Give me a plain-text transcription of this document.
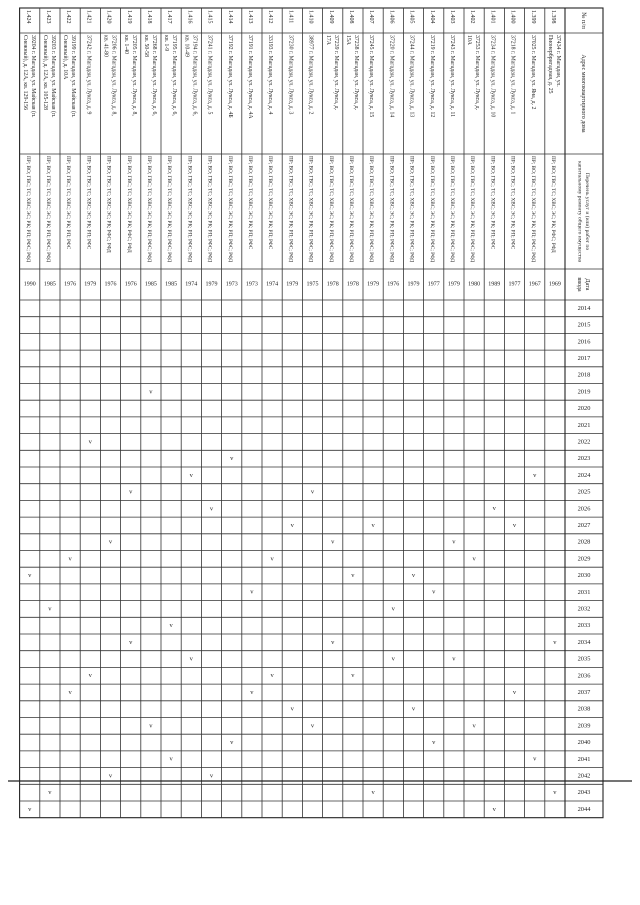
№ п/п
Адрес многоквартирного дома
Перечень услуг и (или) работ по
капитальному ремонту общего имущества
Дата
ввода
2014
2015
2016
2017
2018
2019
2020
2021
2022
2023
2024
2025
2026
2027
2028
2029
2030
2031
2032
2033
2034
2035
2036
2037
2038
2039
2040
2041
2042
2043
2044
1.398
37434 г. Магадан, ул.
Пионербригадная, д. 25
ПР; ВО; ГВС; ТС; ХВС; ЭС; РК; РФС; РФД
1969
v
v
1.399
37025 г. Магадан, ул. Яна, д. 2
ПР; ВО; ГВС; ТС; ХВС; ЭС; РК; РП; РФС; РФД
1967
v
v
1.400
37218 г. Магадан, ул. Лукса, д. 1
ПР; ВО; ГВС; ТС; ХВС; ЭС; РК; РП; РФС
1977
v
v
1.401
37234 г. Магадан, ул. Лукса, д. 10
ПР; ВО; ГВС; ТС; ХВС; ЭС; РК; РП; РФС
1989
v
v
1.402
37253 г. Магадан, ул. Лукса, д.
10А
ПР; ВО; ГВС; ТС; ХВС; ЭС; РК; РП; РФС; РФД
1980
v
v
1.403
37243 г. Магадан, ул. Лукса, д. 11
ПР; ВО; ГВС; ТС; ХВС; ЭС; РК; РП; РФС; РФД
1979
v
v
1.404
37219 г. Магадан, ул. Лукса, д. 12
ПР; ВО; ГВС; ТС; ХВС; ЭС; РК; РП; РФС; РФД
1977
v
v
1.405
37244 г. Магадан, ул. Лукса, д. 13
ПР; ВО; ГВС; ТС; ХВС; ЭС; РК; РП; РФС; РФД
1979
v
v
1.406
37220 г. Магадан, ул. Лукса, д. 14
ПР; ВО; ГВС; ТС; ХВС; ЭС; РК; РП; РФС; РФД
1976
v
v
1.407
37245 г. Магадан, ул. Лукса, д. 15
ПР; ВО; ГВС; ТС; ХВС; ЭС; РК; РП; РФС; РФД
1979
v
v
1.408
37238 г. Магадан, ул. Лукса, д.
15А
ПР; ВО; ГВС; ТС; ХВС; ЭС; РК; РП; РФС; РФД
1978
v
v
1.409
37239 г. Магадан, ул. Лукса, д.
17А
ПР; ВО; ГВС; ТС; ХВС; ЭС; РК; РП; РФС; РФД
1978
v
v
1.410
38977 г. Магадан, ул. Лукса, д. 2
ПР; ВО; ГВС; ТС; ХВС; ЭС; РК; РП; РФС; РФД
1975
v
v
1.411
37230 г. Магадан, ул. Лукса, д. 3
ПР; ВО; ГВС; ТС; ХВС; ЭС; РК; РП; РФС; РФД
1979
v
v
1.412
33193 г. Магадан, ул. Лукса, д. 4
ПР; ВО; ГВС; ТС; ХВС; ЭС; РК; РП; РФС
1974
v
v
1.413
37191 г. Магадан, ул. Лукса, д. 4А
ПР; ВО; ГВС; ТС; ХВС; ЭС; РК; РП; РФС
1973
v
v
1.414
37192 г. Магадан, ул. Лукса, д. 4Б
ПР; ВО; ГВС; ТС; ХВС; ЭС; РК; РП; РФС; РФД
1973
v
v
1.415
37241 г. Магадан, ул. Лукса, д. 5
ПР; ВО; ГВС; ТС; ХВС; ЭС; РК; РП; РФС; РФД
1979
v
v
1.416
37194 г. Магадан, ул. Лукса, д. 6,
кв. 10-49
ПР; ВО; ГВС; ТС; ХВС; ЭС; РК; РП; РФС; РФД
1974
v
v
1.417
37195 г. Магадан, ул. Лукса, д. 6,
кв. 1-9
ПР; ВО; ГВС; ТС; ХВС; ЭС; РК; РП; РФС; РФД
1985
v
v
1.418
37268 г. Магадан, ул. Лукса, д. 6,
кв. 50-58
ПР; ВО; ГВС; ТС; ХВС; ЭС; РК; РП; РФС; РФД
1985
v
v
1.419
37205 г. Магадан, ул. Лукса, д. 8,
кв. 1-40
ПР; ВО; ГВС; ТС; ХВС; ЭС; РК; РФС; РФД
1976
v
v
1.420
37206 г. Магадан, ул. Лукса, д. 8,
кв. 41-80
ПР; ВО; ГВС; ТС; ХВС; ЭС; РК; РФС; РФД
1976
v
v
1.421
37242 г. Магадан, ул. Лукса, д. 9
ПР; ВО; ГВС; ТС; ХВС; ЭС; РК; РП; РФС
1979
v
v
1.422
39199 г. Магадан, ул. Майская (п.
Снежный), д. 10А
ПР; ВО; ГВС; ТС; ХВС; ЭС; РК; РП; РФС
1976
v
v
1.423
39203 г. Магадан, ул. Майская (п.
Снежный), д. 12А, кв. 105-128
ПР; ВО; ГВС; ТС; ХВС; ЭС; РК; РП; РФС; РФД
1985
v
v
1.424
39204 г. Магадан, ул. Майская (п.
Снежный), д. 12А, кв. 129-156
ПР; ВО; ГВС; ТС; ХВС; ЭС; РК; РП; РФС; РФД
1990
v
v
